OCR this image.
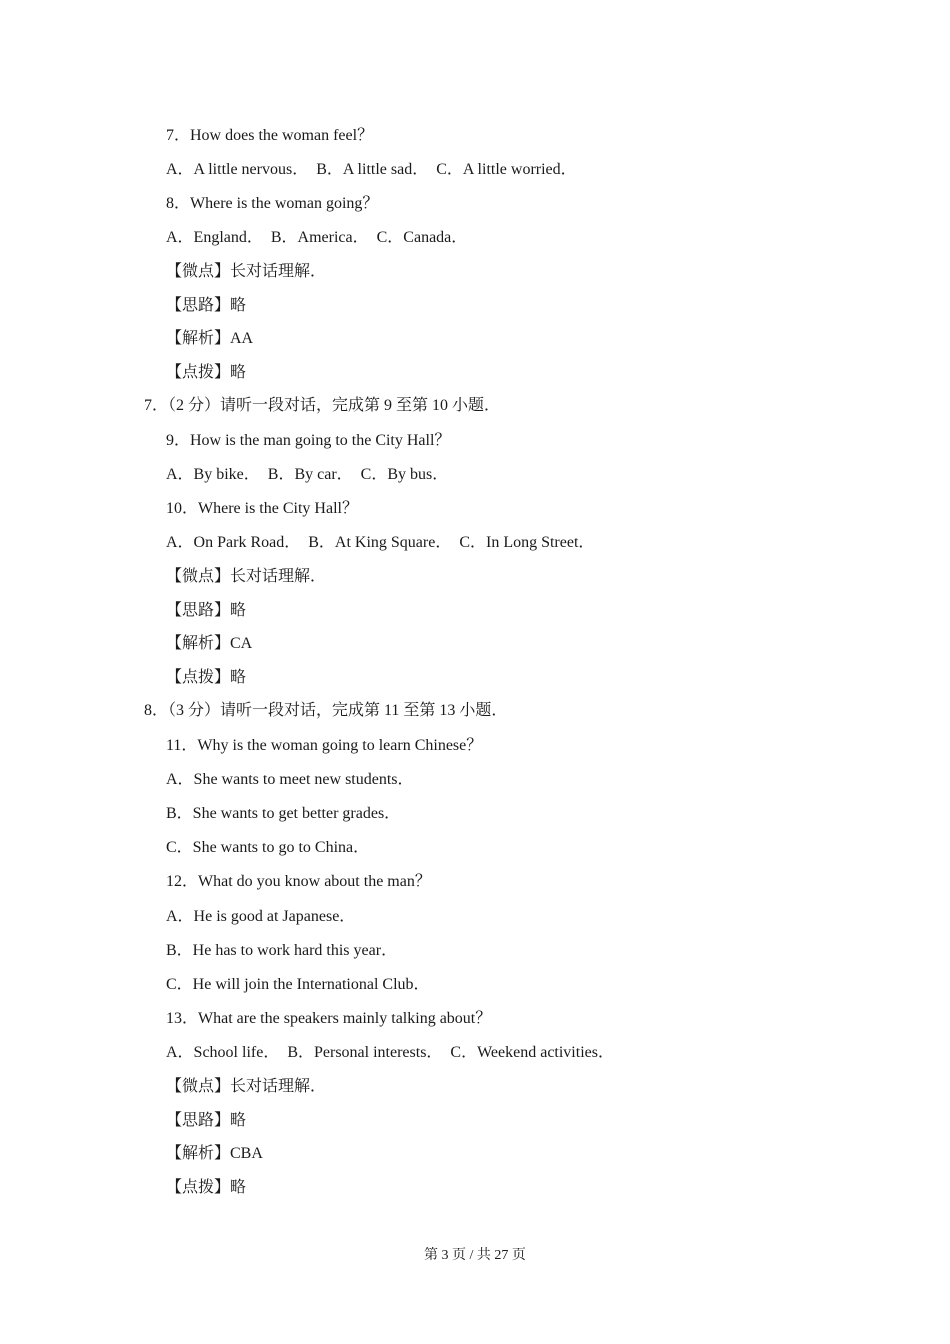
7．How does the woman feel？
A．A little nervous．  B．A little sad．  C．A little worried．
8．Where is the woman going？
A．England．  B．America．  C．Canada．
【微点】长对话理解．
【思路】略
【解析】AA
【点拨】略
7．（2 分）请听一段对话，完成第 9 至第 10 小题．
9．How is the man going to the City Hall？
A．By bike．  B．By car．  C．By bus．
10．Where is the City Hall？
A．On Park Road．  B．At King Square．  C．In Long Street．
【微点】长对话理解．
【思路】略
【解析】CA
【点拨】略
8．（3 分）请听一段对话，完成第 11 至第 13 小题．
11．Why is the woman going to learn Chinese？
A．She wants to meet new students．
B．She wants to get better grades．
C．She wants to go to China．
12．What do you know about the man？
A．He is good at Japanese．
B．He has to work hard this year．
C．He will join the International Club．
13．What are the speakers mainly talking about？
A．School life．  B．Personal interests．  C．Weekend activities．
【微点】长对话理解．
【思路】略
【解析】CBA
【点拨】略
第 3 页 / 共 27 页
